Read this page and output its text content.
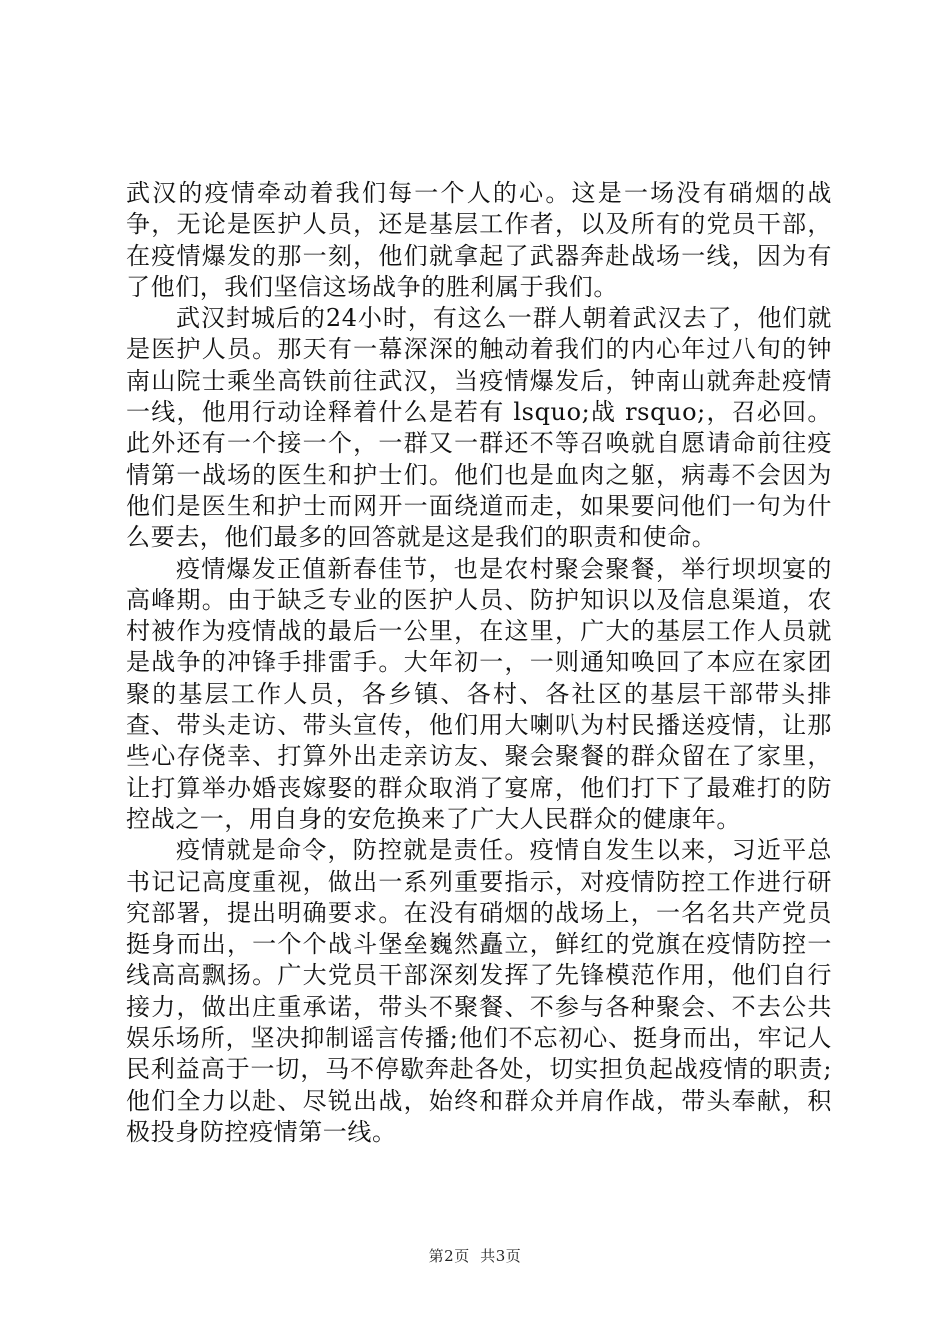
武汉的疫情牵动着我们每一个人的心。这是一场没有硝烟的战争，无论是医护人员，还是基层工作者，以及所有的党员干部，在疫情爆发的那一刻，他们就拿起了武器奔赴战场一线，因为有了他们，我们坚信这场战争的胜利属于我们。

武汉封城后的24小时，有这么一群人朝着武汉去了，他们就是医护人员。那天有一幕深深的触动着我们的内心年过八旬的钟南山院士乘坐高铁前往武汉，当疫情爆发后，钟南山就奔赴疫情一线，他用行动诠释着什么是若有 lsquo;战 rsquo;，召必回。此外还有一个接一个，一群又一群还不等召唤就自愿请命前往疫情第一战场的医生和护士们。他们也是血肉之躯，病毒不会因为他们是医生和护士而网开一面绕道而走，如果要问他们一句为什么要去，他们最多的回答就是这是我们的职责和使命。

疫情爆发正值新春佳节，也是农村聚会聚餐，举行坝坝宴的高峰期。由于缺乏专业的医护人员、防护知识以及信息渠道，农村被作为疫情战的最后一公里，在这里，广大的基层工作人员就是战争的冲锋手排雷手。大年初一，一则通知唤回了本应在家团聚的基层工作人员，各乡镇、各村、各社区的基层干部带头排查、带头走访、带头宣传，他们用大喇叭为村民播送疫情，让那些心存侥幸、打算外出走亲访友、聚会聚餐的群众留在了家里，让打算举办婚丧嫁娶的群众取消了宴席，他们打下了最难打的防控战之一，用自身的安危换来了广大人民群众的健康年。

疫情就是命令，防控就是责任。疫情自发生以来，习近平总书记记高度重视，做出一系列重要指示，对疫情防控工作进行研究部署，提出明确要求。在没有硝烟的战场上，一名名共产党员挺身而出，一个个战斗堡垒巍然矗立，鲜红的党旗在疫情防控一线高高飘扬。广大党员干部深刻发挥了先锋模范作用，他们自行接力，做出庄重承诺，带头不聚餐、不参与各种聚会、不去公共娱乐场所，坚决抑制谣言传播;他们不忘初心、挺身而出，牢记人民利益高于一切，马不停歇奔赴各处，切实担负起战疫情的职责;他们全力以赴、尽锐出战，始终和群众并肩作战，带头奉献，积极投身防控疫情第一线。

第2页 共3页
